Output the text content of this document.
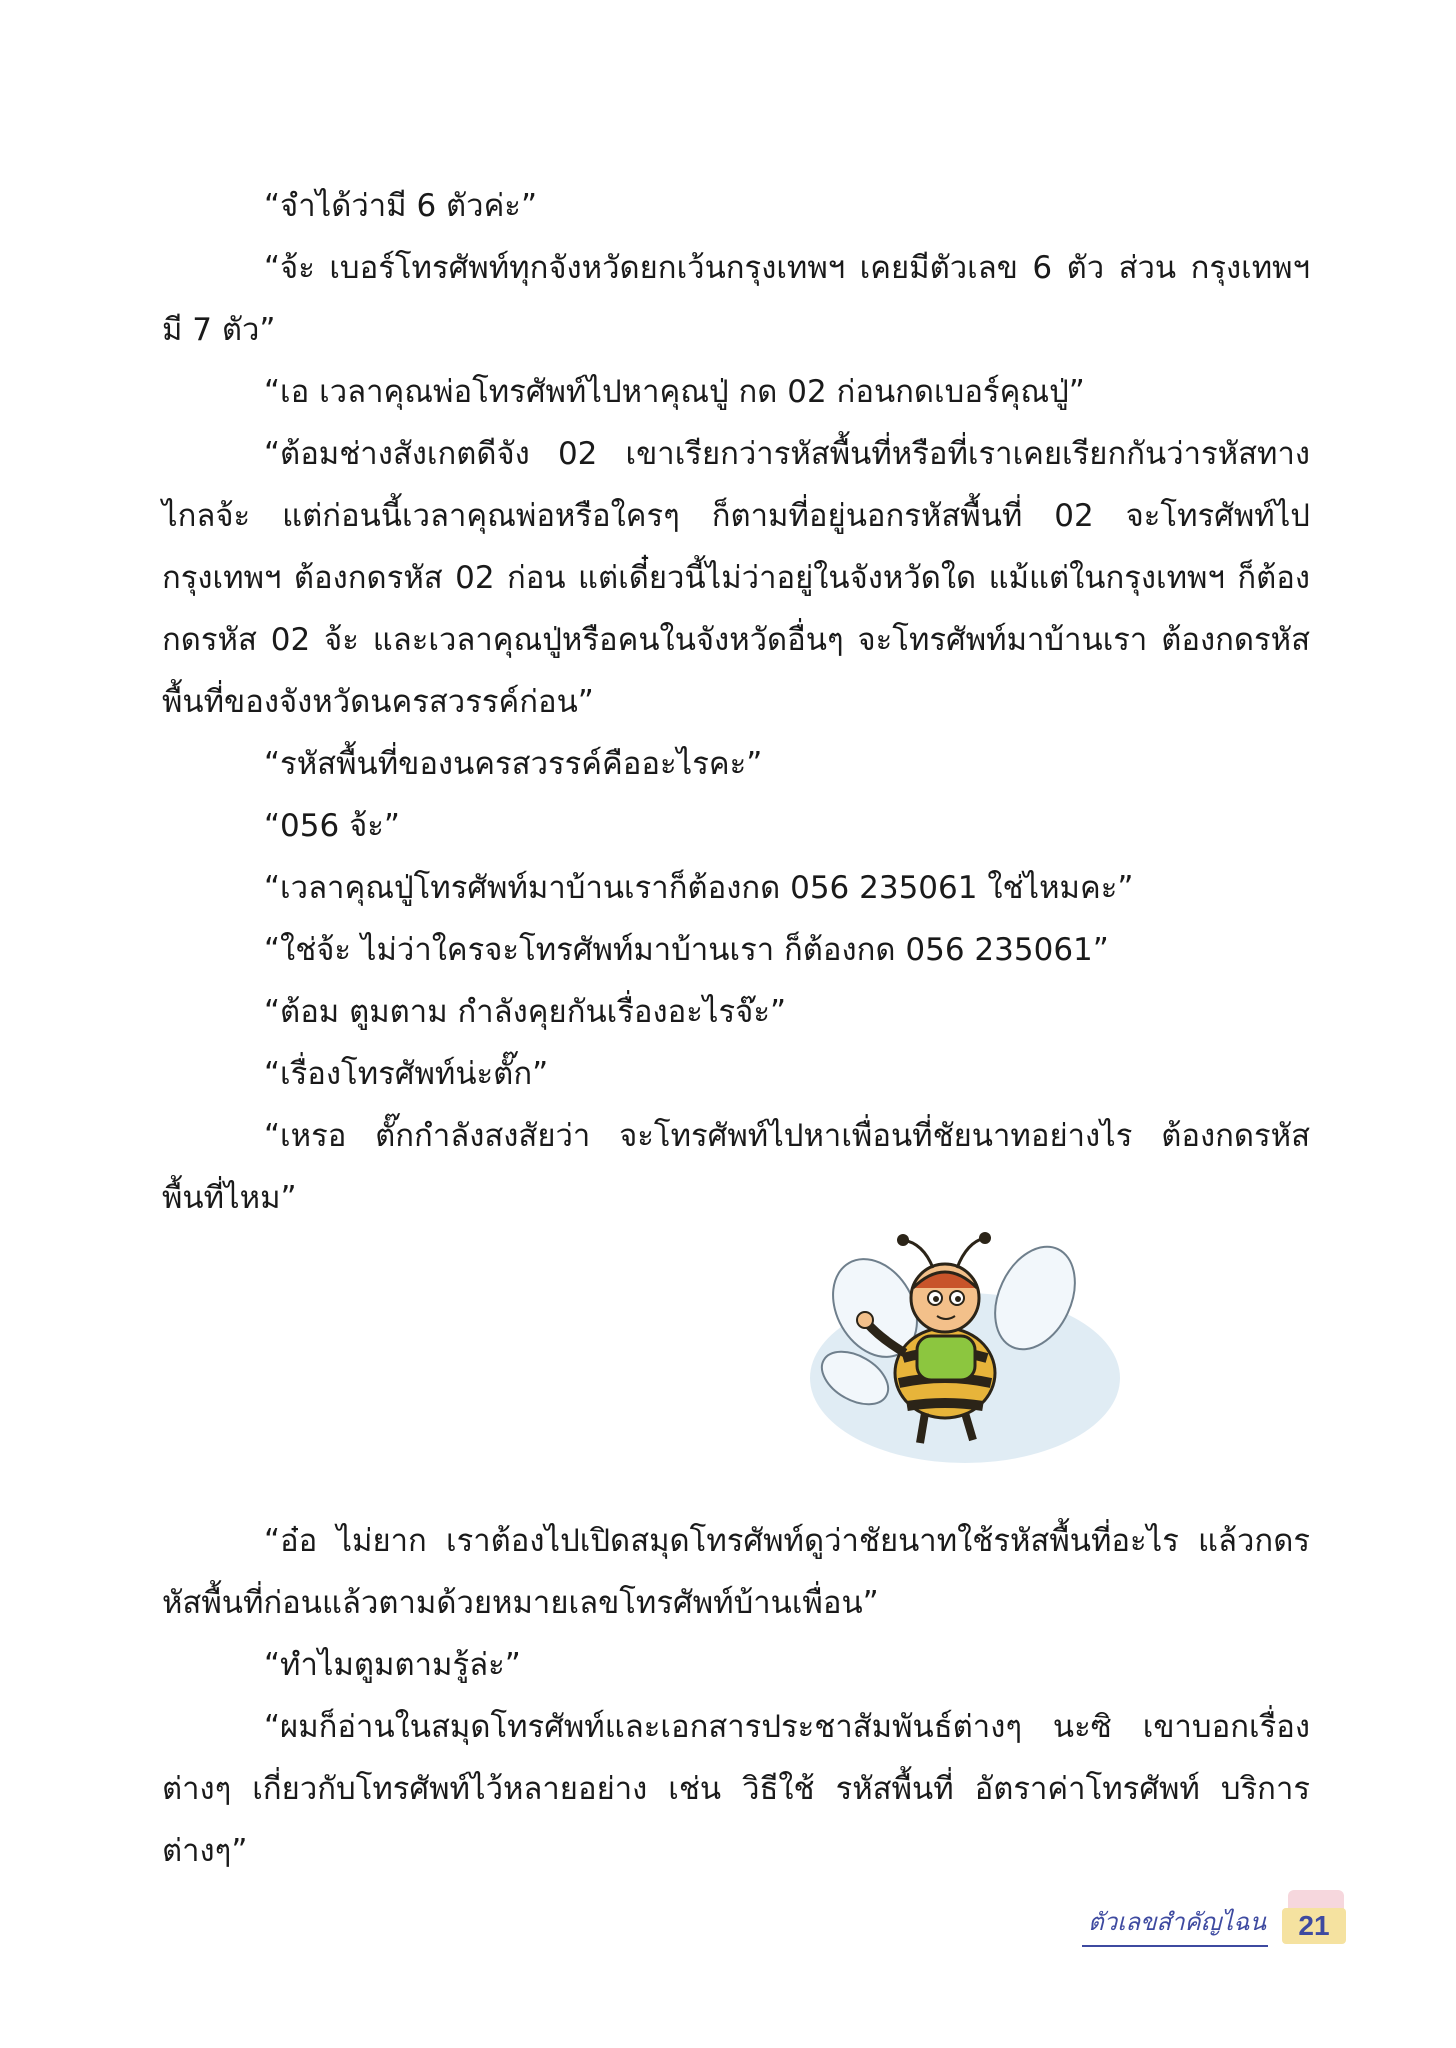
“จำได้ว่ามี 6 ตัวค่ะ”

“จ้ะ เบอร์โทรศัพท์ทุกจังหวัดยกเว้นกรุงเทพฯ เคยมีตัวเลข 6 ตัว ส่วน กรุงเทพฯ มี 7 ตัว”

“เอ เวลาคุณพ่อโทรศัพท์ไปหาคุณปู่ กด 02 ก่อนกดเบอร์คุณปู่”

“ต้อมช่างสังเกตดีจัง 02 เขาเรียกว่ารหัสพื้นที่หรือที่เราเคยเรียกกันว่ารหัสทางไกลจ้ะ แต่ก่อนนี้เวลาคุณพ่อหรือใครๆ ก็ตามที่อยู่นอกรหัสพื้นที่ 02 จะโทรศัพท์ไปกรุงเทพฯ ต้องกดรหัส 02 ก่อน แต่เดี๋ยวนี้ไม่ว่าอยู่ในจังหวัดใด แม้แต่ในกรุงเทพฯ ก็ต้องกดรหัส 02 จ้ะ และเวลาคุณปู่หรือคนในจังหวัดอื่นๆ จะโทรศัพท์มาบ้านเรา ต้องกดรหัสพื้นที่ของจังหวัดนครสวรรค์ก่อน”

“รหัสพื้นที่ของนครสวรรค์คืออะไรคะ”

“056 จ้ะ”

“เวลาคุณปู่โทรศัพท์มาบ้านเราก็ต้องกด 056 235061 ใช่ไหมคะ”

“ใช่จ้ะ ไม่ว่าใครจะโทรศัพท์มาบ้านเรา ก็ต้องกด 056 235061”

“ต้อม ตูมตาม กำลังคุยกันเรื่องอะไรจ๊ะ”

“เรื่องโทรศัพท์น่ะตั๊ก”

“เหรอ ตั๊กกำลังสงสัยว่า จะโทรศัพท์ไปหาเพื่อนที่ชัยนาทอย่างไร ต้องกดรหัสพื้นที่ไหม”

“อ๋อ ไม่ยาก เราต้องไปเปิดสมุดโทรศัพท์ดูว่าชัยนาทใช้รหัสพื้นที่อะไร แล้วกดรหัสพื้นที่ก่อนแล้วตามด้วยหมายเลขโทรศัพท์บ้านเพื่อน”

“ทำไมตูมตามรู้ล่ะ”

“ผมก็อ่านในสมุดโทรศัพท์และเอกสารประชาสัมพันธ์ต่างๆ นะซิ เขาบอกเรื่องต่างๆ เกี่ยวกับโทรศัพท์ไว้หลายอย่าง เช่น วิธีใช้ รหัสพื้นที่ อัตราค่าโทรศัพท์ บริการต่างๆ”

ตัวเลขสำคัญไฉน	21
